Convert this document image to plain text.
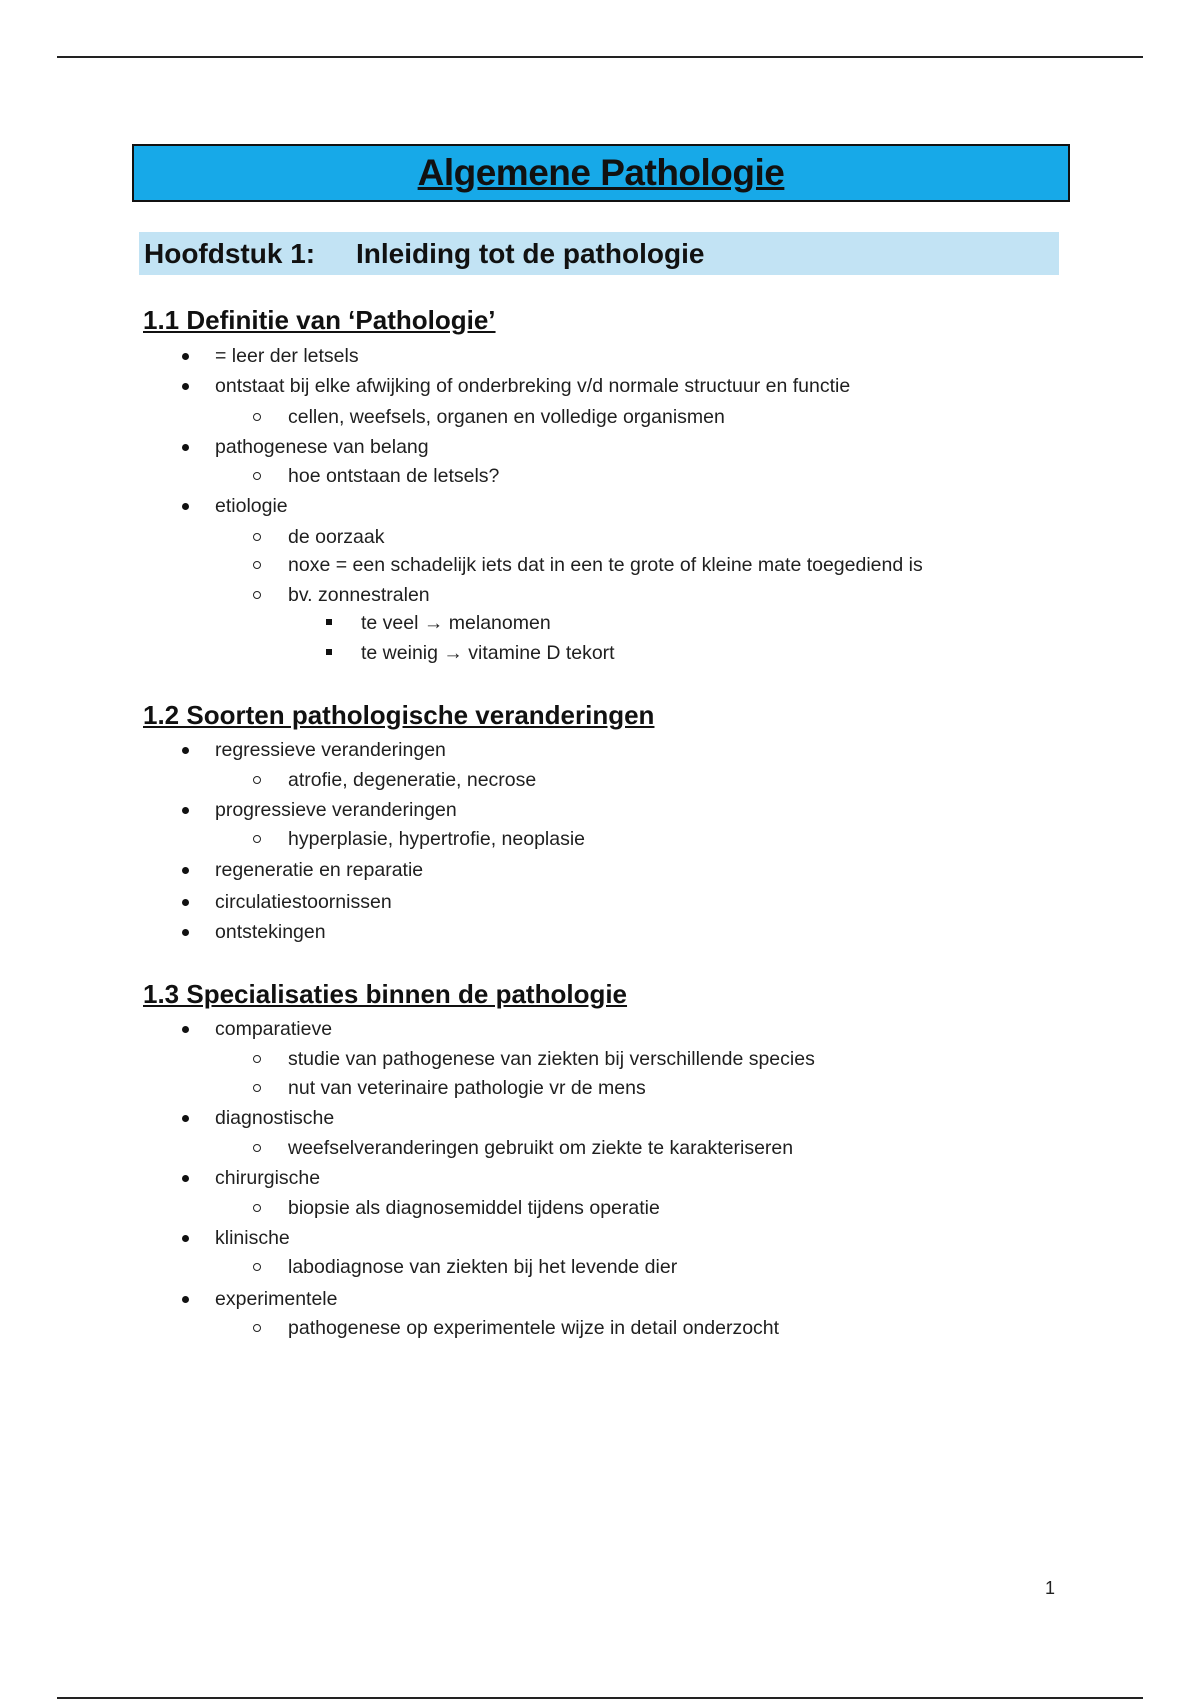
Algemene Pathologie
Hoofdstuk 1:	Inleiding tot de pathologie
1.1 Definitie van ‘Pathologie’
= leer der letsels
ontstaat bij elke afwijking of onderbreking v/d normale structuur en functie
cellen, weefsels, organen en volledige organismen
pathogenese van belang
hoe ontstaan de letsels?
etiologie
de oorzaak
noxe = een schadelijk iets dat in een te grote of kleine mate toegediend is
bv. zonnestralen
te veel → melanomen
te weinig → vitamine D tekort
1.2 Soorten pathologische veranderingen
regressieve veranderingen
atrofie, degeneratie, necrose
progressieve veranderingen
hyperplasie, hypertrofie, neoplasie
regeneratie en reparatie
circulatiestoornissen
ontstekingen
1.3 Specialisaties binnen de pathologie
comparatieve
studie van pathogenese van ziekten bij verschillende species
nut van veterinaire pathologie vr de mens
diagnostische
weefselveranderingen gebruikt om ziekte te karakteriseren
chirurgische
biopsie als diagnosemiddel tijdens operatie
klinische
labodiagnose van ziekten bij het levende dier
experimentele
pathogenese op experimentele wijze in detail onderzocht
1
